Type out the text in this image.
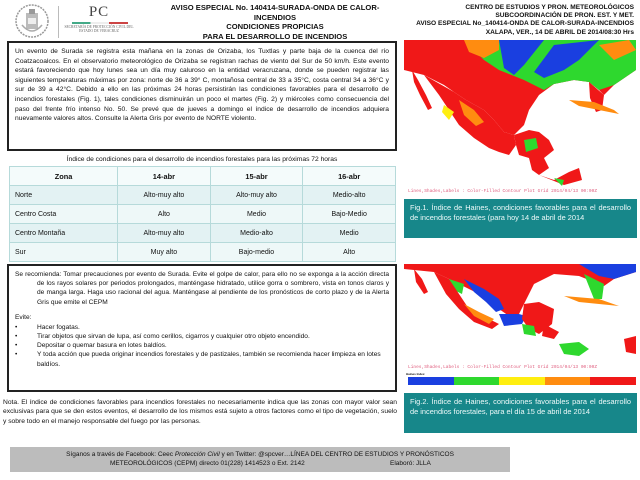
PC
SECRETARÍA DE PROTECCIÓN CIVIL DEL ESTADO DE VERACRUZ
AVISO ESPECIAL No. 140414-SURADA-ONDA DE CALOR-INCENDIOS
CONDICIONES PROPICIAS
PARA EL DESARROLLO DE INCENDIOS
CENTRO DE ESTUDIOS Y PRON. METEOROLÓGICOS
SUBCOORDINACIÓN DE PRON. EST. Y MET.
AVISO ESPECIAL No_140414-ONDA DE CALOR-SURADA-INCENDIOS
XALAPA, VER., 14 DE ABRIL DE 2014/08:30 Hrs

Un evento de Surada se registra esta mañana en la zonas de Orizaba, los Tuxtlas y parte baja de la cuenca del río Coatzacoalcos. En el observatorio meteorológico de Orizaba se registran rachas de viento del Sur de 50 km/h. Este evento estará favoreciendo que hoy lunes sea un día muy caluroso en la entidad veracruzana, donde se pueden registrar las siguientes temperaturas máximas por zona: norte de 36 a 39° C, montañosa central de 33 a 35°C, costa central 34 a 36°C y sur de 39 a 42°C. Debido a ello en las próximas 24 horas persistirán las condiciones favorables para el desarrollo de incendios forestales (Fig. 1), tales condiciones disminuirán un poco el martes (Fig. 2) y miércoles como consecuencia del paso del frente frío intenso No. 50. Se prevé que de jueves a domingo el índice de desarrollo de incendios adquiera nuevamente valores altos. Consulte la Alerta Gris por evento de NORTE violento.

Índice de condiciones para el desarrollo de incendios forestales para las próximas 72 horas
Zona	14-abr	15-abr	16-abr
Norte	Alto-muy alto	Alto-muy alto	Medio-alto
Centro Costa	Alto	Medio	Bajo-Medio
Centro Montaña	Alto-muy alto	Medio-alto	Medio
Sur	Muy alto	Bajo-medio	Alto

Se recomienda: Tomar precauciones por evento de Surada. Evite el golpe de calor, para ello no se exponga a la acción directa de los rayos solares por periodos prolongados, manténgase hidratado, utilice gorra o sombrero, vista en tonos claros y de manga larga. Haga uso racional del agua. Manténgase al pendiente de los pronósticos de corto plazo y de la Alerta Gris que emite el CEPM

Evite:
• Hacer fogatas.
• Tirar objetos que sirvan de lupa, así como cerillos, cigarros y cualquier otro objeto encendido.
• Depositar o quemar basura en lotes baldíos.
• Y toda acción que pueda originar incendios forestales y de pastizales, también se recomienda hacer limpieza en lotes baldíos.
Nota. El índice de condiciones favorables para incendios forestales no necesariamente indica que las zonas con mayor valor sean exclusivas para que se den estos eventos, el desarrollo de los mismos está sujeto a otros factores como el tipo de vegetación, suelo y sobre todo en el manejo responsable del fuego por las personas.
Síganos a través de Facebook: Ceec Protección Civil y en Twitter: @spcver…LÍNEA DEL CENTRO DE ESTUDIOS Y PRONÓSTICOS
METEOROLÓGICOS (CEPM) directo 01(228) 1414523 o Ext. 2142	Elaboró: JLLA
Lines,Shades,Labels : Color-Filled Contour Plot Grid 2014/04/13 00:00Z
Fig.1. Índice de Haines, condiciones favorables para el desarrollo de incendios forestales (para hoy 14 de abril de 2014
Lines,Shades,Labels : Color-Filled Contour Plot Grid 2014/04/13 00:00Z
Haines Index
Fig.2. Índice de Haines, condiciones favorables para el desarrollo de incendios forestales, para el día 15 de abril de 2014
